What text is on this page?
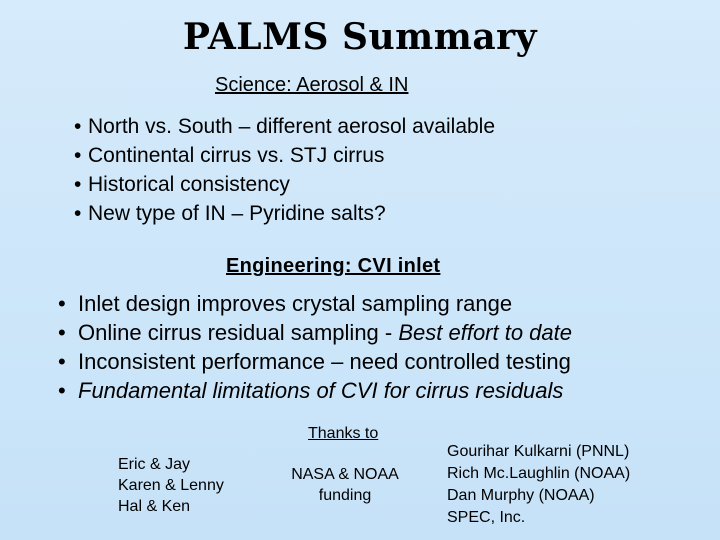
PALMS Summary
Science: Aerosol & IN
• North vs. South – different aerosol available
• Continental cirrus vs. STJ cirrus
• Historical consistency
• New type of IN – Pyridine salts?
Engineering: CVI inlet
• Inlet design improves crystal sampling range
• Online cirrus residual sampling - Best effort to date
• Inconsistent performance – need controlled testing
• Fundamental limitations of CVI for cirrus residuals
Thanks to
Eric & Jay
Karen & Lenny
Hal & Ken
NASA & NOAA
funding
Gourihar Kulkarni (PNNL)
Rich Mc.Laughlin (NOAA)
Dan Murphy (NOAA)
SPEC, Inc.
